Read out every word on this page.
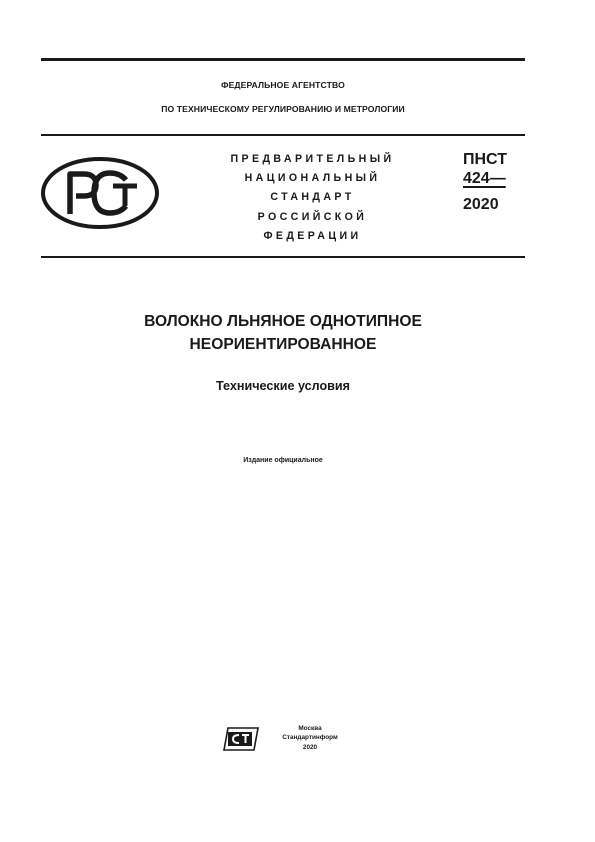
ФЕДЕРАЛЬНОЕ АГЕНТСТВО
ПО ТЕХНИЧЕСКОМУ РЕГУЛИРОВАНИЮ И МЕТРОЛОГИИ
ПРЕДВАРИТЕЛЬНЫЙ
НАЦИОНАЛЬНЫЙ
СТАНДАРТ
РОССИЙСКОЙ
ФЕДЕРАЦИИ
ПНСТ
424—
2020
ВОЛОКНО ЛЬНЯНОЕ ОДНОТИПНОЕ
НЕОРИЕНТИРОВАННОЕ
Технические условия
Издание официальное
Москва
Стандартинформ
2020
